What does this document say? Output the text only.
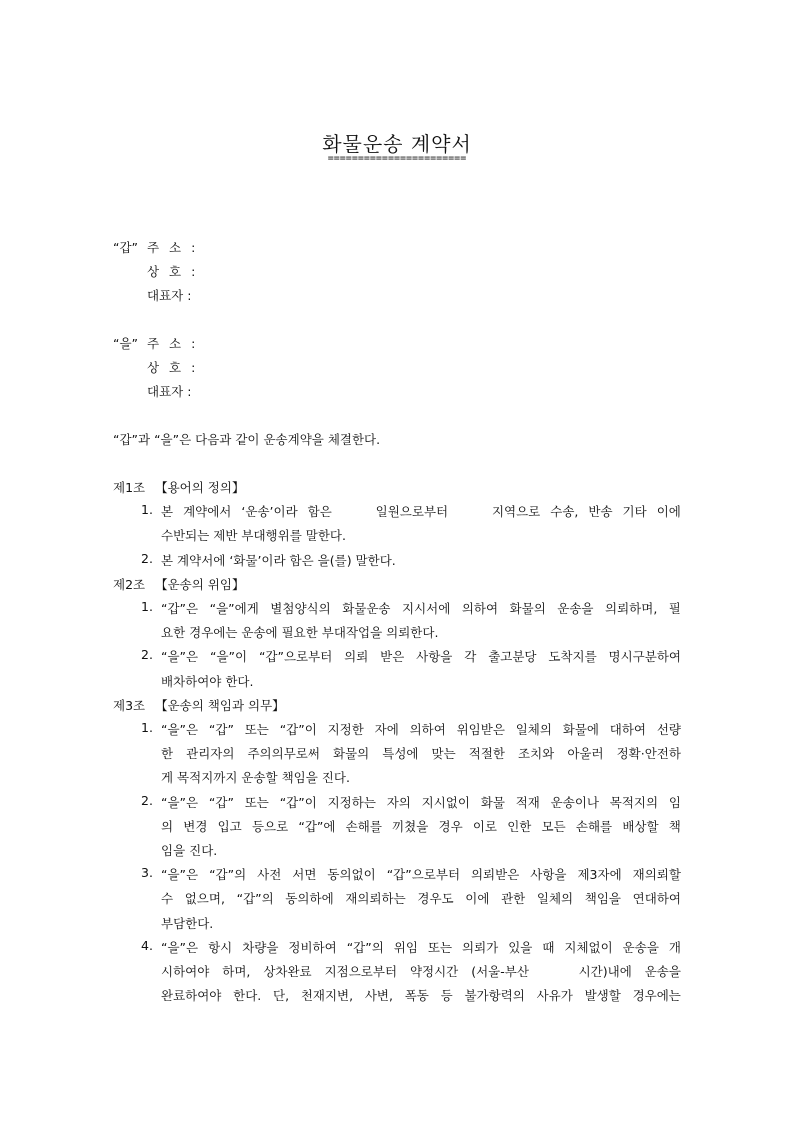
화물운송 계약서
=======================
“갑” 주 소 :
상 호 :
대표자 :
“을” 주 소 :
상 호 :
대표자 :
“갑”과 “을”은 다음과 같이 운송계약을 체결한다.
제1조 【용어의 정의】
1. 본 계약에서 ‘운송’이라 함은
	일원으로부터
	지역으로 수송, 반송 기타 이에
수반되는 제반 부대행위를 말한다.
2. 본 계약서에 ‘화물’이라 함은 을(를) 말한다.
제2조 【운송의 위임】
1. “갑”은 “을”에게 별첨양식의 화물운송 지시서에 의하여 화물의 운송을 의뢰하며, 필
요한 경우에는 운송에 필요한 부대작업을 의뢰한다.
2. “을”은 “을”이 “갑”으로부터 의뢰 받은 사항을 각 출고분당 도착지를 명시구분하여
배차하여야 한다.
제3조 【운송의 책임과 의무】
1. “을”은 “갑” 또는 “갑”이 지정한 자에 의하여 위임받은 일체의 화물에 대하여 선량
한 관리자의 주의의무로써 화물의 특성에 맞는 적절한 조치와 아울러 정확·안전하
게 목적지까지 운송할 책임을 진다.
2. “을”은 “갑” 또는 “갑”이 지정하는 자의 지시없이 화물 적재 운송이나 목적지의 임
의 변경 입고 등으로 “갑”에 손해를 끼쳤을 경우 이로 인한 모든 손해를 배상할 책
임을 진다.
3. “을”은 “갑”의 사전 서면 동의없이 “갑”으로부터 의뢰받은 사항을 제3자에 재의뢰할
수 없으며, “갑”의 동의하에 재의뢰하는 경우도 이에 관한 일체의 책임을 연대하여
부담한다.
4. “을”은 항시 차량을 정비하여 “갑”의 위임 또는 의뢰가 있을 때 지체없이 운송을 개
시하여야 하며, 상차완료 지점으로부터 약정시간 (서울-부산
	시간)내에 운송을
완료하여야 한다. 단, 천재지변, 사변, 폭동 등 불가항력의 사유가 발생할 경우에는
